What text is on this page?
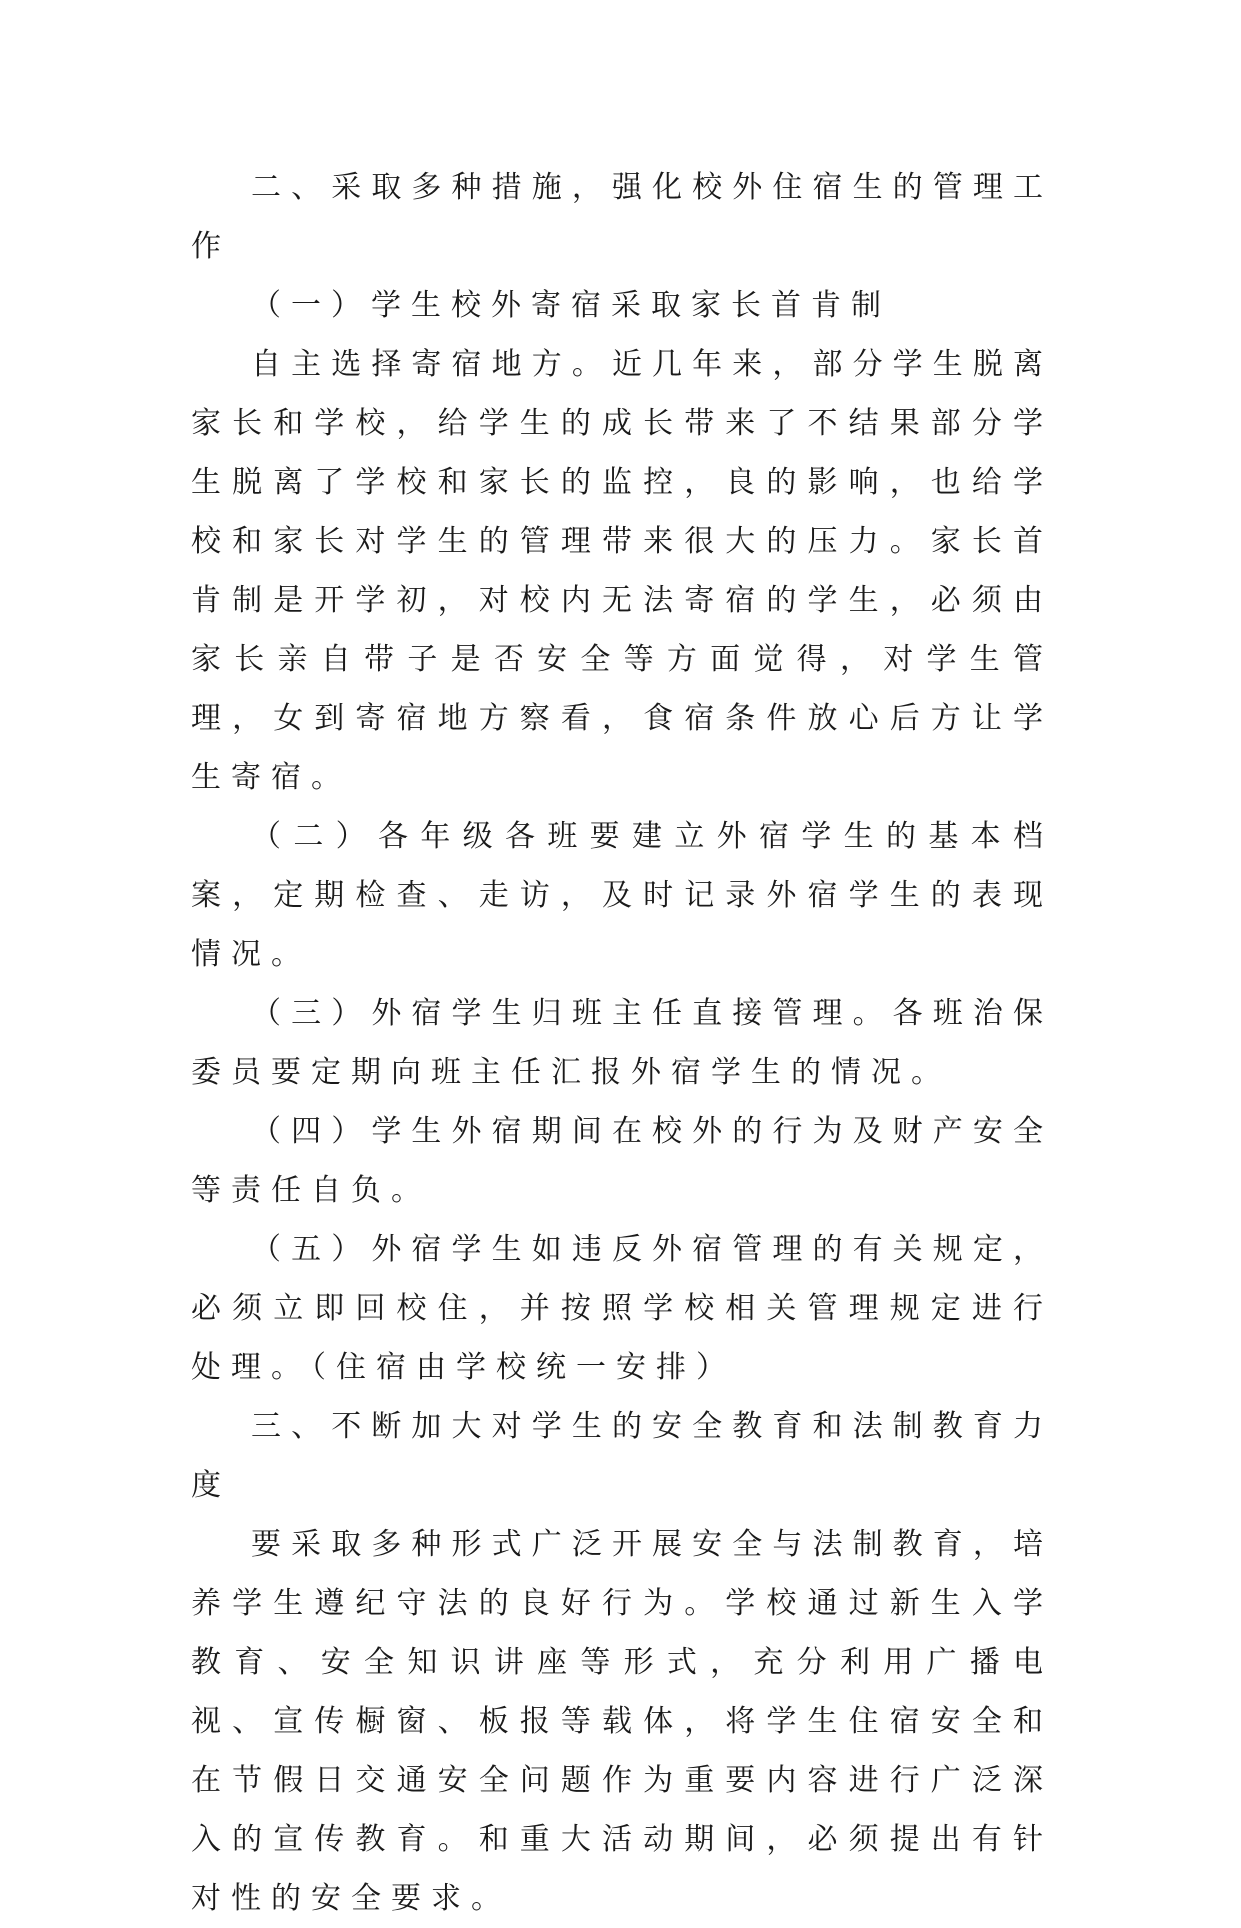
二、采取多种措施，强化校外住宿生的管理工作

（一）学生校外寄宿采取家长首肯制

自主选择寄宿地方。近几年来，部分学生脱离家长和学校，给学生的成长带来了不结果部分学生脱离了学校和家长的监控，良的影响，也给学校和家长对学生的管理带来很大的压力。家长首肯制是开学初，对校内无法寄宿的学生，必须由家长亲自带子是否安全等方面觉得，对学生管理，女到寄宿地方察看，食宿条件放心后方让学生寄宿。

（二）各年级各班要建立外宿学生的基本档案，定期检查、走访，及时记录外宿学生的表现情况。

（三）外宿学生归班主任直接管理。各班治保委员要定期向班主任汇报外宿学生的情况。

（四）学生外宿期间在校外的行为及财产安全等责任自负。

（五）外宿学生如违反外宿管理的有关规定，必须立即回校住，并按照学校相关管理规定进行处理。（住宿由学校统一安排）

三、不断加大对学生的安全教育和法制教育力度

要采取多种形式广泛开展安全与法制教育，培养学生遵纪守法的良好行为。学校通过新生入学教育、安全知识讲座等形式，充分利用广播电视、宣传橱窗、板报等载体，将学生住宿安全和在节假日交通安全问题作为重要内容进行广泛深入的宣传教育。和重大活动期间，必须提出有针对性的安全要求。
